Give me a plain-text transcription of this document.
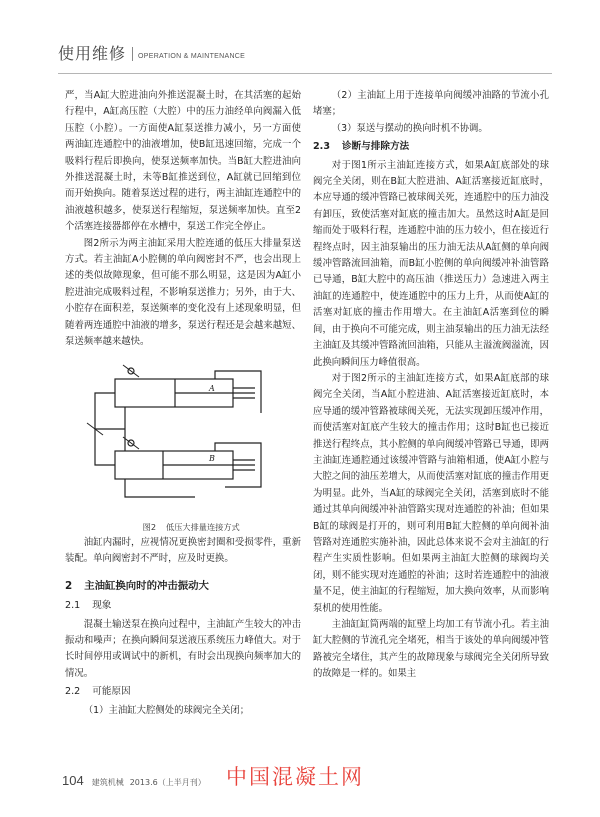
使用维修 OPERATION & MAINTENANCE

严，当A缸大腔进油向外推送混凝土时，在其活塞的起始行程中，A缸高压腔（大腔）中的压力油经单向阀漏入低压腔（小腔）。一方面使A缸泵送推力减小，另一方面使两油缸连通腔中的油液增加，使B缸迅速回缩，完成一个吸料行程后即换向，使泵送频率加快。当B缸大腔进油向外推送混凝土时，未等B缸推送到位，A缸就已回缩到位而开始换向。随着泵送过程的进行，两主油缸连通腔中的油液越积越多，使泵送行程缩短，泵送频率加快。直至2个活塞连接器都停在水槽中，泵送工作完全停止。

图2所示为两主油缸采用大腔连通的低压大排量泵送方式。若主油缸A小腔侧的单向阀密封不严，也会出现上述的类似故障现象，但可能不那么明显，这是因为A缸小腔进油完成吸料过程，不影响泵送推力；另外，由于大、小腔存在面积差，泵送频率的变化没有上述现象明显，但随着两连通腔中油液的增多，泵送行程还是会越来越短、泵送频率越来越快。

A
B

图2 低压大排量连接方式

油缸内漏时，应视情况更换密封圈和受损零件，重新装配。单向阀密封不严时，应及时更换。

2 主油缸换向时的冲击振动大
2.1 现象

混凝土输送泵在换向过程中，主油缸产生较大的冲击振动和噪声；在换向瞬间泵送液压系统压力峰值大。对于长时间停用或调试中的新机，有时会出现换向频率加大的情况。

2.2 可能原因

（1）主油缸大腔侧处的球阀完全关闭；

（2）主油缸上用于连接单向阀缓冲油路的节流小孔堵塞；

（3）泵送与摆动的换向时机不协调。

2.3 诊断与排除方法

对于图1所示主油缸连接方式，如果A缸底部处的球阀完全关闭，则在B缸大腔进油、A缸活塞接近缸底时，本应导通的缓冲管路已被球阀关死，连通腔中的压力油没有卸压，致使活塞对缸底的撞击加大。虽然这时A缸是回缩而处于吸料行程，连通腔中油的压力较小，但在接近行程终点时，因主油泵输出的压力油无法从A缸侧的单向阀缓冲管路流回油箱，而B缸小腔侧的单向阀缓冲补油管路已导通，B缸大腔中的高压油（推送压力）急速进入两主油缸的连通腔中，使连通腔中的压力上升，从而使A缸的活塞对缸底的撞击作用增大。在主油缸A活塞到位的瞬间，由于换向不可能完成，则主油泵输出的压力油无法经主油缸及其缓冲管路流回油箱，只能从主溢流阀溢流，因此换向瞬间压力峰值很高。

对于图2所示的主油缸连接方式，如果A缸底部的球阀完全关闭，当A缸小腔进油、A缸活塞接近缸底时，本应导通的缓冲管路被球阀关死，无法实现卸压缓冲作用，而使活塞对缸底产生较大的撞击作用；这时B缸也已接近推送行程终点，其小腔侧的单向阀缓冲管路已导通，即两主油缸连通腔通过该缓冲管路与油箱相通，使A缸小腔与大腔之间的油压差增大，从而使活塞对缸底的撞击作用更为明显。此外，当A缸的球阀完全关闭，活塞到底时不能通过其单向阀缓冲补油管路实现对连通腔的补油；但如果B缸的球阀是打开的，则可利用B缸大腔侧的单向阀补油管路对连通腔实施补油，因此总体来说不会对主油缸的行程产生实质性影响。但如果两主油缸大腔侧的球阀均关闭，则不能实现对连通腔的补油；这时若连通腔中的油液量不足，使主油缸的行程缩短，加大换向效率，从而影响泵机的使用性能。

主油缸缸筒两端的缸壁上均加工有节流小孔。若主油缸大腔侧的节流孔完全堵死，相当于该处的单向阀缓冲管路被完全堵住，其产生的故障现象与球阀完全关闭所导致的故障是一样的。如果主

104 建筑机械 2013.6（上半月刊） 中国混凝土网
